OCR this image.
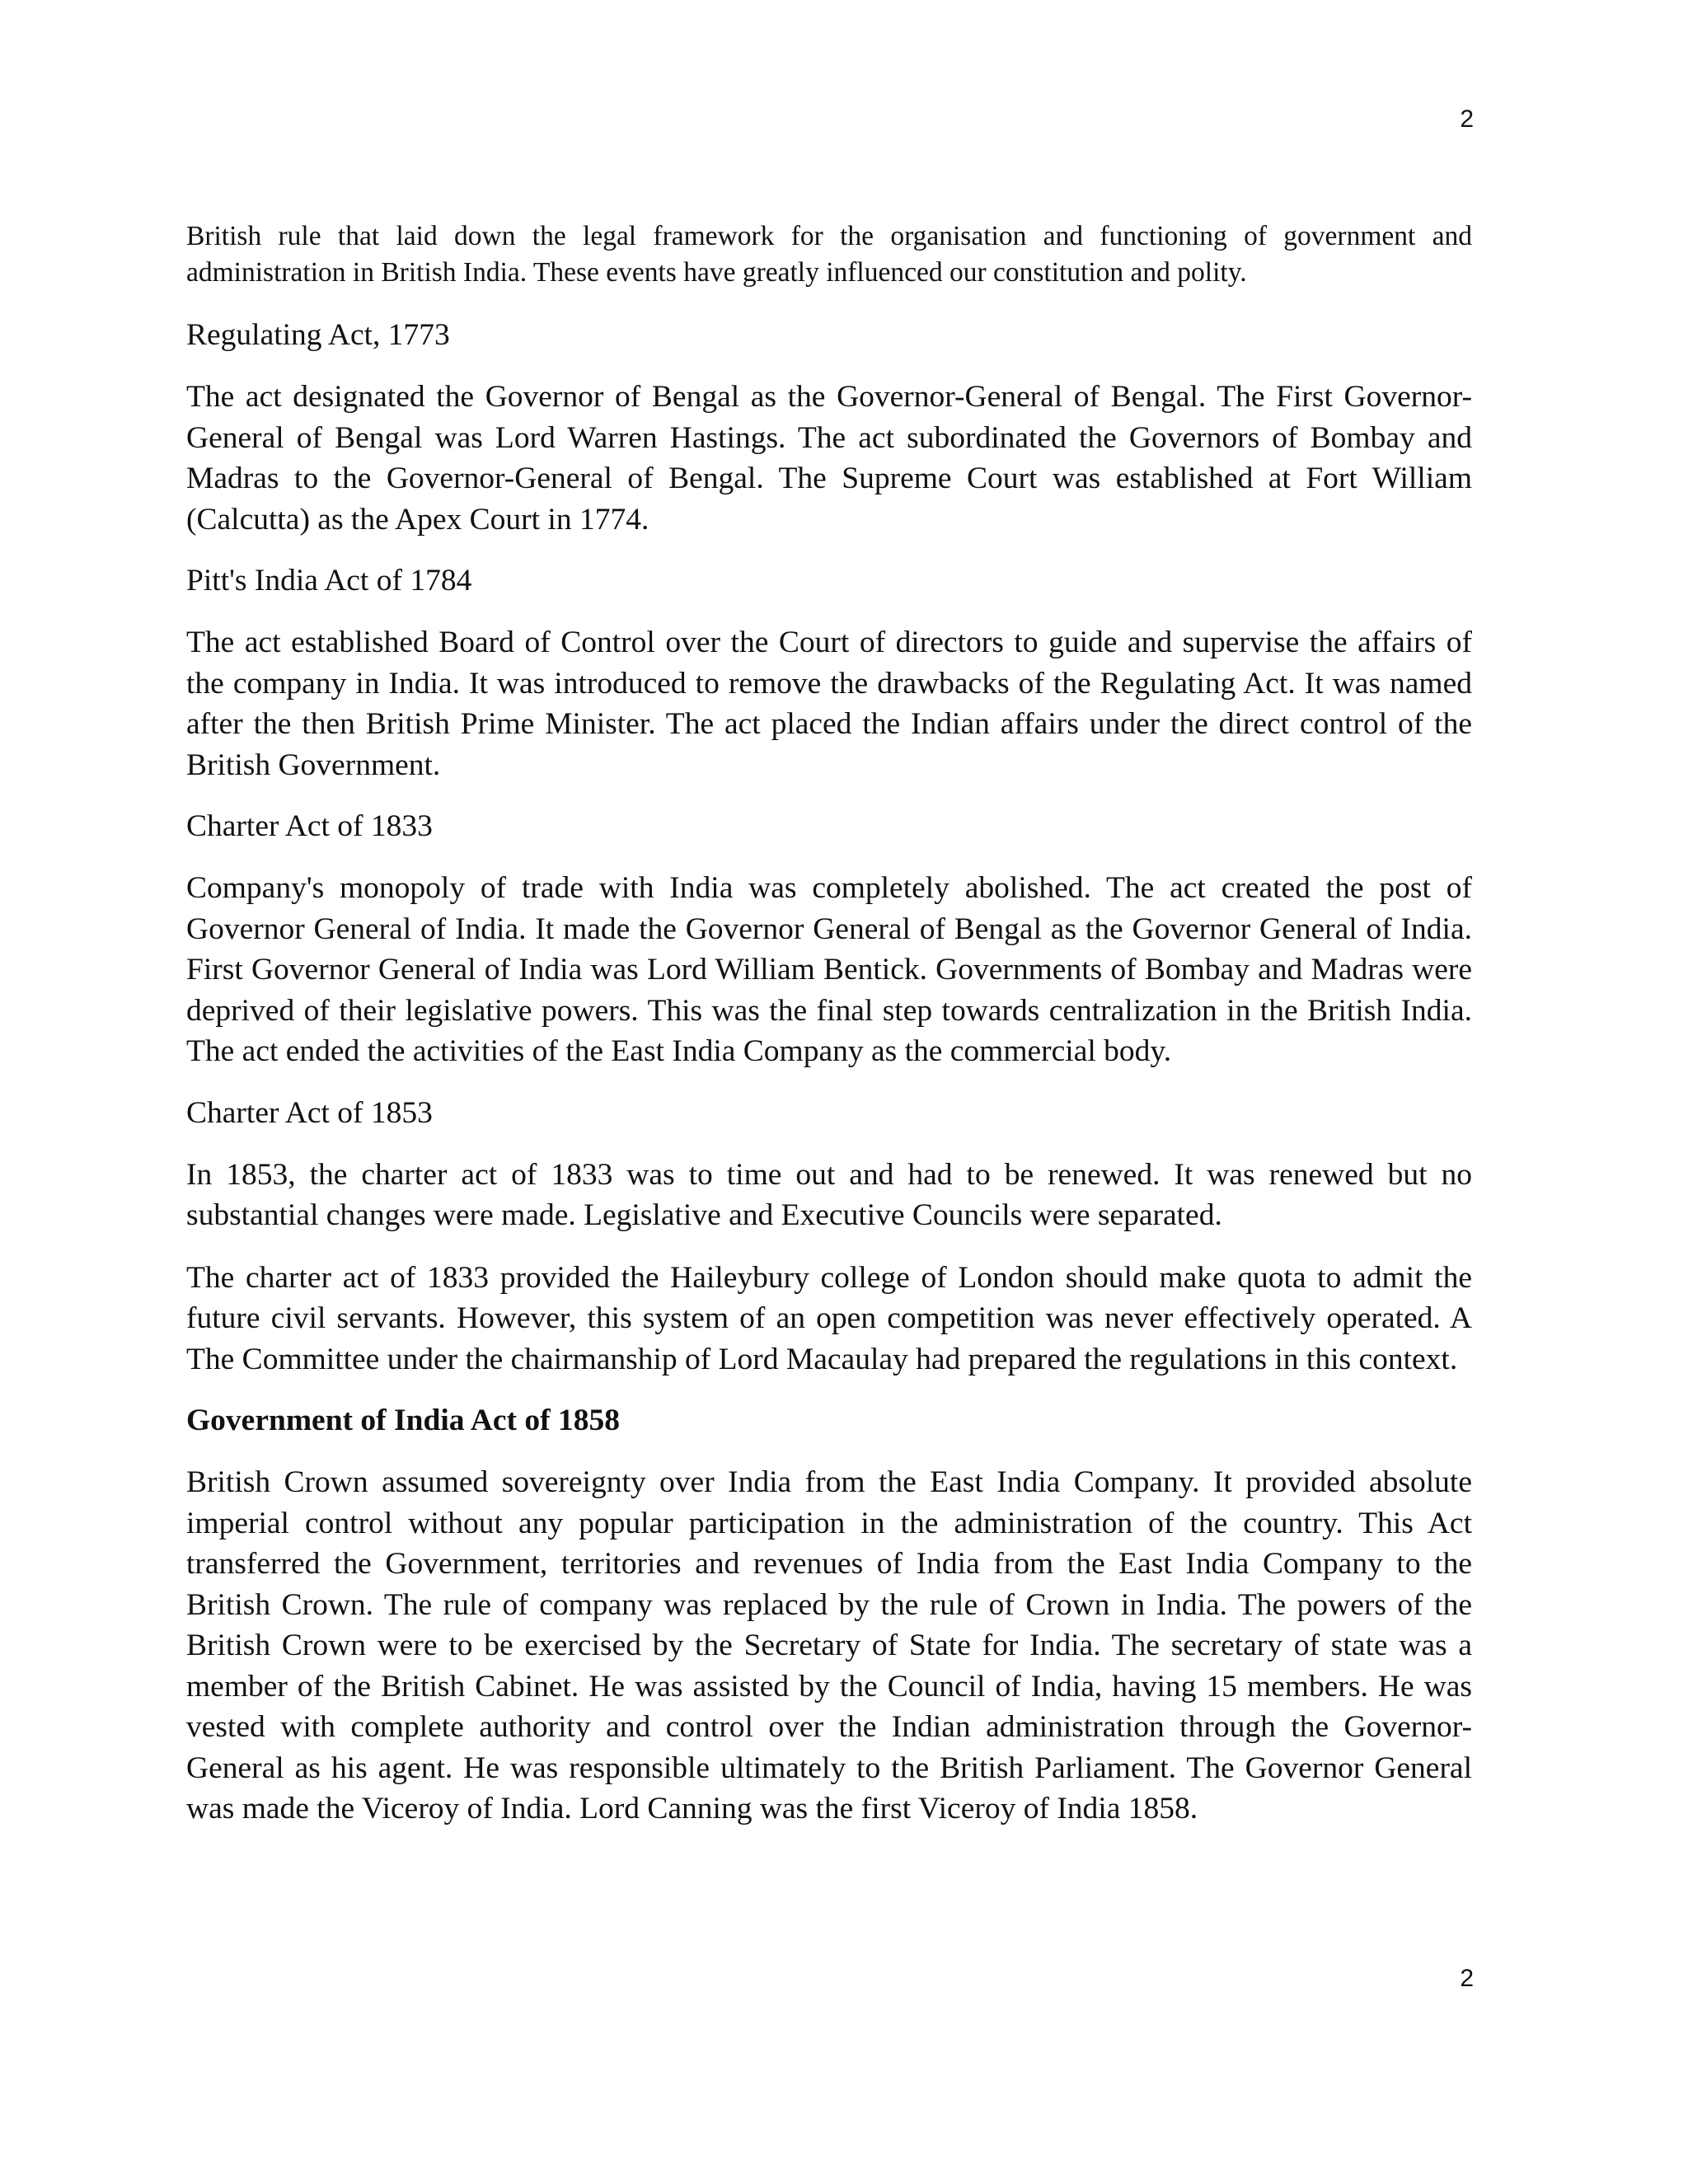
2

British rule that laid down the legal framework for the organisation and functioning of government and administration in British India. These events have greatly influenced our constitution and polity.

Regulating Act, 1773

The act designated the Governor of Bengal as the Governor-General of Bengal. The First Governor-General of Bengal was Lord Warren Hastings. The act subordinated the Governors of Bombay and Madras to the Governor-General of Bengal. The Supreme Court was established at Fort William (Calcutta) as the Apex Court in 1774.

Pitt's India Act of 1784

The act established Board of Control over the Court of directors to guide and supervise the affairs of the company in India. It was introduced to remove the drawbacks of the Regulating Act. It was named after the then British Prime Minister. The act placed the Indian affairs under the direct control of the British Government.

Charter Act of 1833

Company's monopoly of trade with India was completely abolished. The act created the post of Governor General of India. It made the Governor General of Bengal as the Governor General of India. First Governor General of India was Lord William Bentick. Governments of Bombay and Madras were deprived of their legislative powers. This was the final step towards centralization in the British India. The act ended the activities of the East India Company as the commercial body.

Charter Act of 1853

In 1853, the charter act of 1833 was to time out and had to be renewed. It was renewed but no substantial changes were made. Legislative and Executive Councils were separated.

The charter act of 1833 provided the Haileybury college of London should make quota to admit the future civil servants. However, this system of an open competition was never effectively operated. A The Committee under the chairmanship of Lord Macaulay had prepared the regulations in this context.

Government of India Act of 1858

British Crown assumed sovereignty over India from the East India Company. It provided absolute imperial control without any popular participation in the administration of the country. This Act transferred the Government, territories and revenues of India from the East India Company to the British Crown. The rule of company was replaced by the rule of Crown in India. The powers of the British Crown were to be exercised by the Secretary of State for India. The secretary of state was a member of the British Cabinet. He was assisted by the Council of India, having 15 members. He was vested with complete authority and control over the Indian administration through the Governor-General as his agent. He was responsible ultimately to the British Parliament. The Governor General was made the Viceroy of India. Lord Canning was the first Viceroy of India 1858.

2
